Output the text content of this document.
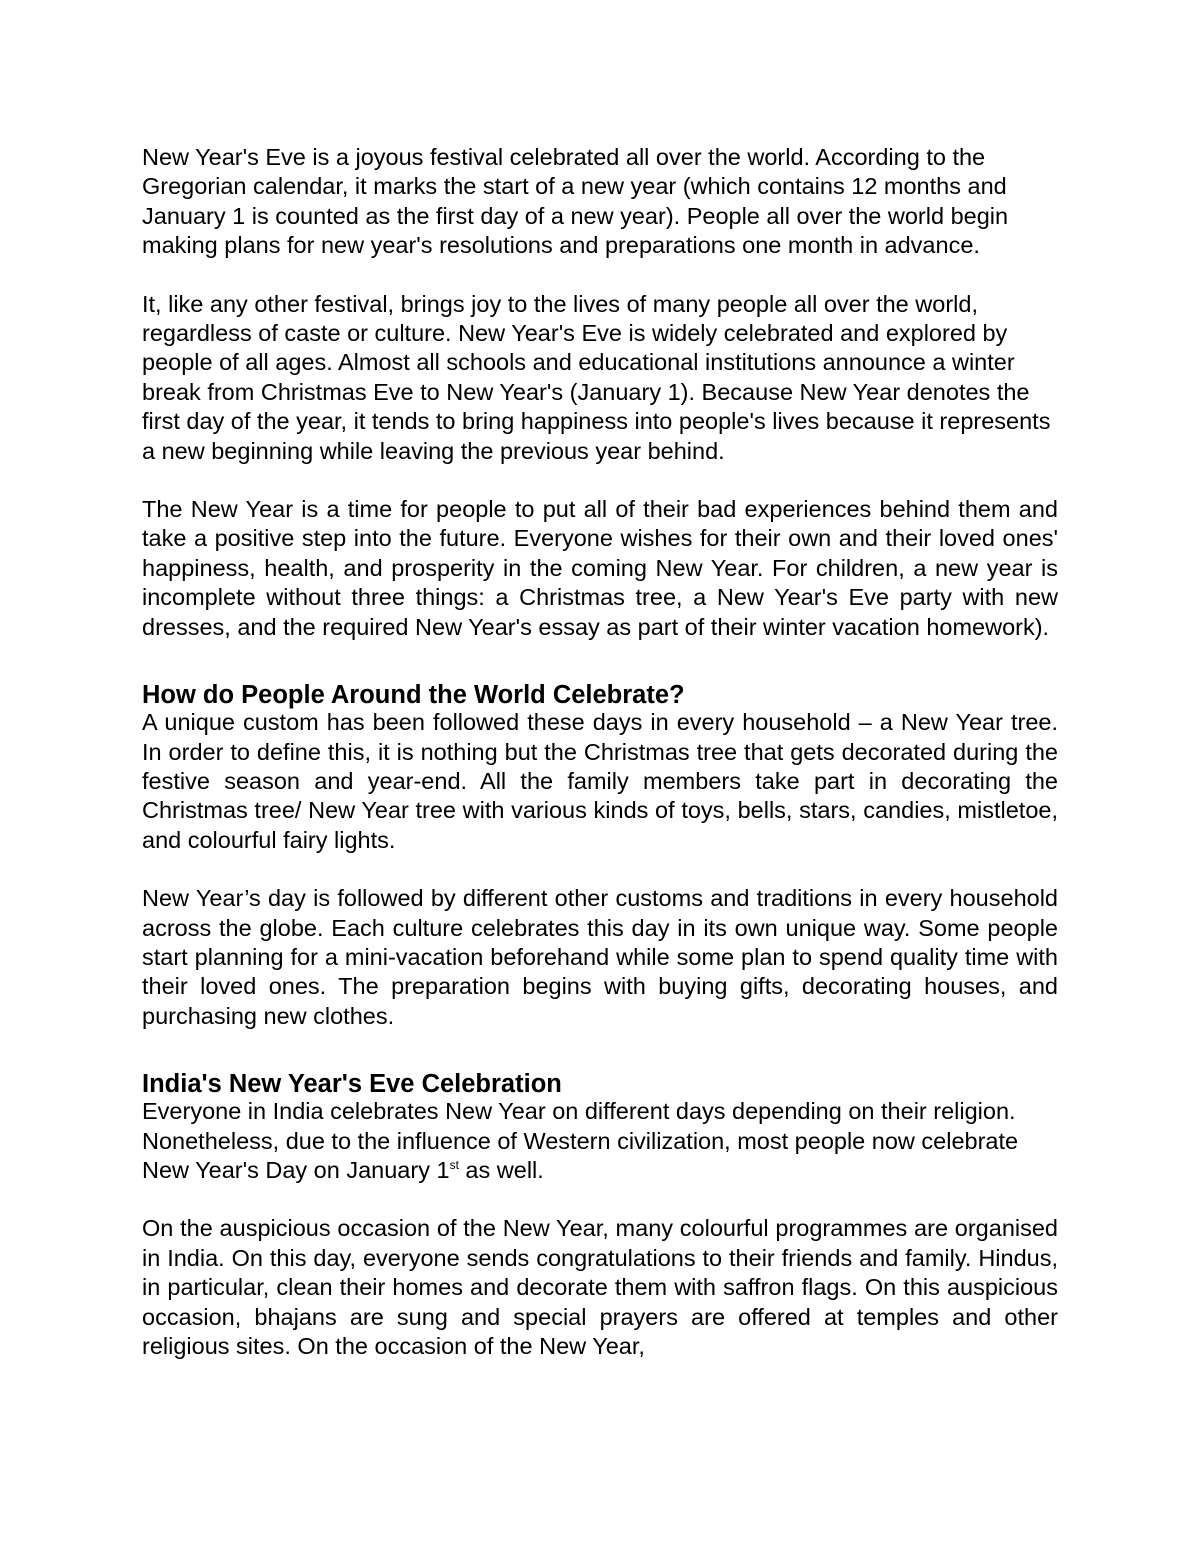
New Year's Eve is a joyous festival celebrated all over the world. According to the Gregorian calendar, it marks the start of a new year (which contains 12 months and January 1 is counted as the first day of a new year). People all over the world begin making plans for new year's resolutions and preparations one month in advance.

It, like any other festival, brings joy to the lives of many people all over the world, regardless of caste or culture. New Year's Eve is widely celebrated and explored by people of all ages. Almost all schools and educational institutions announce a winter break from Christmas Eve to New Year's (January 1). Because New Year denotes the first day of the year, it tends to bring happiness into people's lives because it represents a new beginning while leaving the previous year behind.

The New Year is a time for people to put all of their bad experiences behind them and take a positive step into the future. Everyone wishes for their own and their loved ones' happiness, health, and prosperity in the coming New Year. For children, a new year is incomplete without three things: a Christmas tree, a New Year's Eve party with new dresses, and the required New Year's essay as part of their winter vacation homework).

How do People Around the World Celebrate?

A unique custom has been followed these days in every household – a New Year tree. In order to define this, it is nothing but the Christmas tree that gets decorated during the festive season and year-end. All the family members take part in decorating the Christmas tree/ New Year tree with various kinds of toys, bells, stars, candies, mistletoe, and colourful fairy lights.

New Year’s day is followed by different other customs and traditions in every household across the globe. Each culture celebrates this day in its own unique way. Some people start planning for a mini-vacation beforehand while some plan to spend quality time with their loved ones. The preparation begins with buying gifts, decorating houses, and purchasing new clothes.

India's New Year's Eve Celebration

Everyone in India celebrates New Year on different days depending on their religion. Nonetheless, due to the influence of Western civilization, most people now celebrate New Year's Day on January 1st as well.

On the auspicious occasion of the New Year, many colourful programmes are organised in India. On this day, everyone sends congratulations to their friends and family. Hindus, in particular, clean their homes and decorate them with saffron flags. On this auspicious occasion, bhajans are sung and special prayers are offered at temples and other religious sites. On the occasion of the New Year,
